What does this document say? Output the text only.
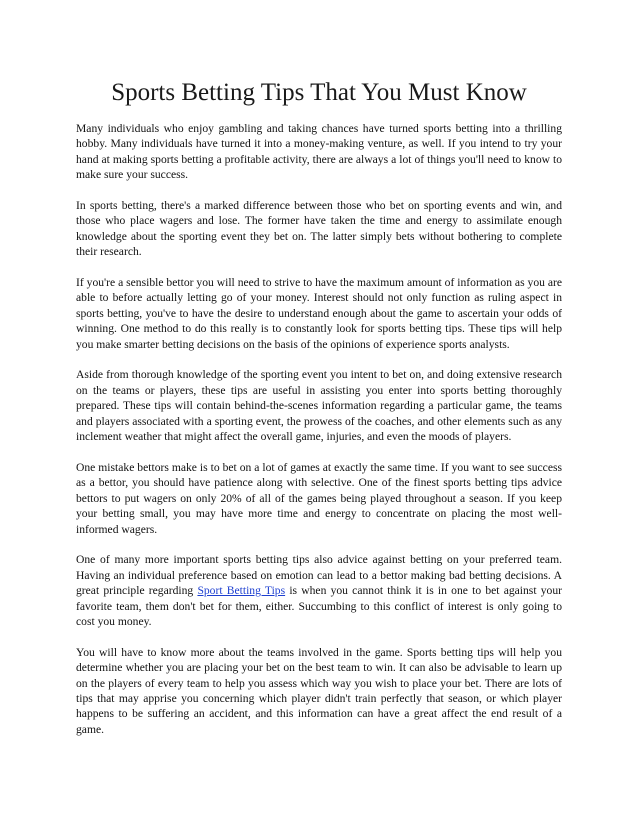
Sports Betting Tips That You Must Know

Many individuals who enjoy gambling and taking chances have turned sports betting into a thrilling hobby. Many individuals have turned it into a money-making venture, as well. If you intend to try your hand at making sports betting a profitable activity, there are always a lot of things you'll need to know to make sure your success.

In sports betting, there's a marked difference between those who bet on sporting events and win, and those who place wagers and lose. The former have taken the time and energy to assimilate enough knowledge about the sporting event they bet on. The latter simply bets without bothering to complete their research.

If you're a sensible bettor you will need to strive to have the maximum amount of information as you are able to before actually letting go of your money. Interest should not only function as ruling aspect in sports betting, you've to have the desire to understand enough about the game to ascertain your odds of winning. One method to do this really is to constantly look for sports betting tips. These tips will help you make smarter betting decisions on the basis of the opinions of experience sports analysts.

Aside from thorough knowledge of the sporting event you intent to bet on, and doing extensive research on the teams or players, these tips are useful in assisting you enter into sports betting thoroughly prepared. These tips will contain behind-the-scenes information regarding a particular game, the teams and players associated with a sporting event, the prowess of the coaches, and other elements such as any inclement weather that might affect the overall game, injuries, and even the moods of players.

One mistake bettors make is to bet on a lot of games at exactly the same time. If you want to see success as a bettor, you should have patience along with selective. One of the finest sports betting tips advice bettors to put wagers on only 20% of all of the games being played throughout a season. If you keep your betting small, you may have more time and energy to concentrate on placing the most well-informed wagers.

One of many more important sports betting tips also advice against betting on your preferred team. Having an individual preference based on emotion can lead to a bettor making bad betting decisions. A great principle regarding Sport Betting Tips is when you cannot think it is in one to bet against your favorite team, them don't bet for them, either. Succumbing to this conflict of interest is only going to cost you money.

You will have to know more about the teams involved in the game. Sports betting tips will help you determine whether you are placing your bet on the best team to win. It can also be advisable to learn up on the players of every team to help you assess which way you wish to place your bet. There are lots of tips that may apprise you concerning which player didn't train perfectly that season, or which player happens to be suffering an accident, and this information can have a great affect the end result of a game.
